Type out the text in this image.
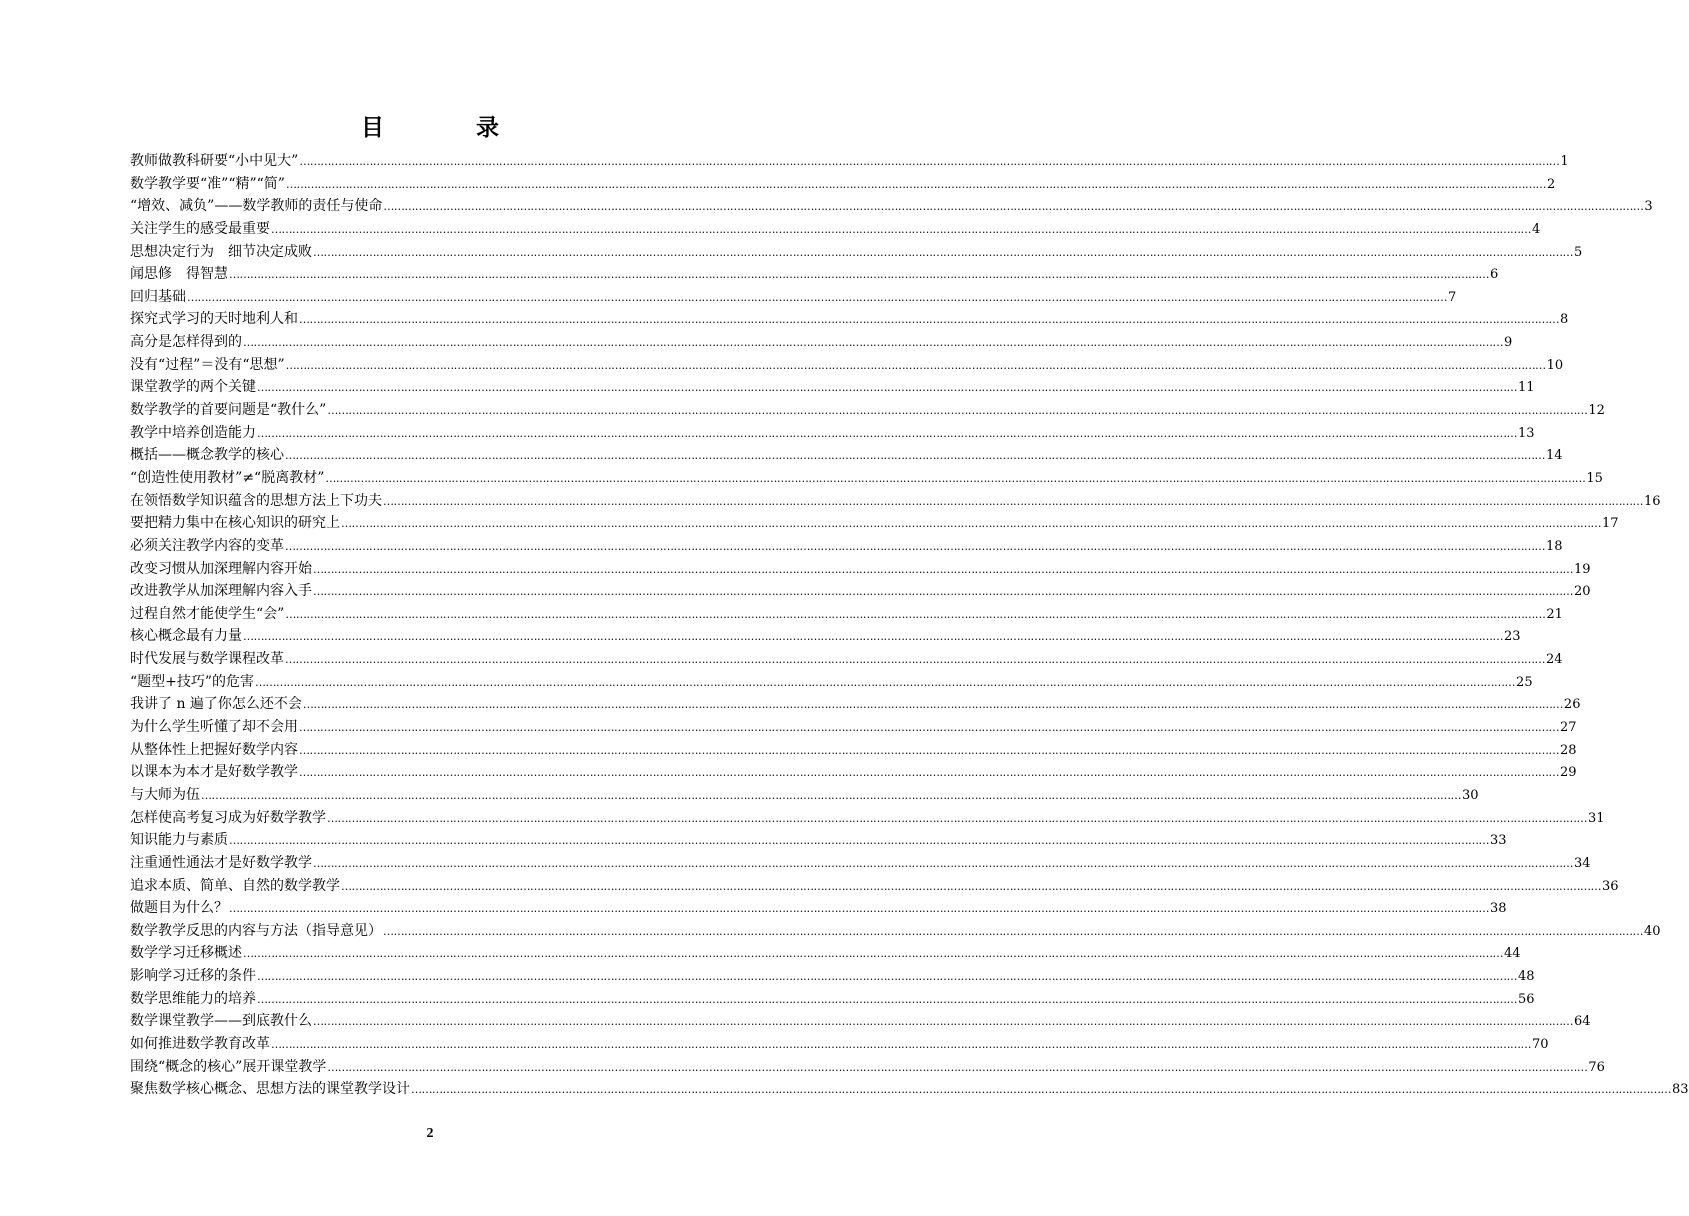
目	录
教师做教科研要“小中见大” ……………………………………………………………………………………………………………………………………………………………………………………………………………………………………………………………………………………………………………………………… 1
数学教学要“准”“精”“简” ……………………………………………………………………………………………………………………………………………………………………………………………………………………………………………………………………………………………………………………………… 2
“增效、减负”——数学教师的责任与使命 ……………………………………………………………………………………………………………………………………………………………………………………………………………………………………………………………………………………………………………………………… 3
关注学生的感受最重要 ……………………………………………………………………………………………………………………………………………………………………………………………………………………………………………………………………………………………………………………………… 4
思想决定行为　细节决定成败 ……………………………………………………………………………………………………………………………………………………………………………………………………………………………………………………………………………………………………………………………… 5
闻思修　得智慧 ……………………………………………………………………………………………………………………………………………………………………………………………………………………………………………………………………………………………………………………………… 6
回归基础 ……………………………………………………………………………………………………………………………………………………………………………………………………………………………………………………………………………………………………………………………… 7
探究式学习的天时地利人和 ……………………………………………………………………………………………………………………………………………………………………………………………………………………………………………………………………………………………………………………………… 8
高分是怎样得到的 ……………………………………………………………………………………………………………………………………………………………………………………………………………………………………………………………………………………………………………………………… 9
没有“过程”＝没有“思想” ……………………………………………………………………………………………………………………………………………………………………………………………………………………………………………………………………………………………………………………………… 10
课堂教学的两个关键 ……………………………………………………………………………………………………………………………………………………………………………………………………………………………………………………………………………………………………………………………… 11
数学教学的首要问题是“教什么” ……………………………………………………………………………………………………………………………………………………………………………………………………………………………………………………………………………………………………………………………… 12
教学中培养创造能力 ……………………………………………………………………………………………………………………………………………………………………………………………………………………………………………………………………………………………………………………………… 13
概括——概念教学的核心 ……………………………………………………………………………………………………………………………………………………………………………………………………………………………………………………………………………………………………………………………… 14
“创造性使用教材”≠“脱离教材” ……………………………………………………………………………………………………………………………………………………………………………………………………………………………………………………………………………………………………………………………… 15
在领悟数学知识蕴含的思想方法上下功夫 ……………………………………………………………………………………………………………………………………………………………………………………………………………………………………………………………………………………………………………………………… 16
要把精力集中在核心知识的研究上 ……………………………………………………………………………………………………………………………………………………………………………………………………………………………………………………………………………………………………………………………… 17
必须关注教学内容的变革 ……………………………………………………………………………………………………………………………………………………………………………………………………………………………………………………………………………………………………………………………… 18
改变习惯从加深理解内容开始 ……………………………………………………………………………………………………………………………………………………………………………………………………………………………………………………………………………………………………………………………… 19
改进教学从加深理解内容入手 ……………………………………………………………………………………………………………………………………………………………………………………………………………………………………………………………………………………………………………………………… 20
过程自然才能使学生“会” ……………………………………………………………………………………………………………………………………………………………………………………………………………………………………………………………………………………………………………………………… 21
核心概念最有力量 ……………………………………………………………………………………………………………………………………………………………………………………………………………………………………………………………………………………………………………………………… 23
时代发展与数学课程改革 ……………………………………………………………………………………………………………………………………………………………………………………………………………………………………………………………………………………………………………………………… 24
“题型+技巧”的危害 ……………………………………………………………………………………………………………………………………………………………………………………………………………………………………………………………………………………………………………………………… 25
我讲了 n 遍了你怎么还不会 ……………………………………………………………………………………………………………………………………………………………………………………………………………………………………………………………………………………………………………………………… 26
为什么学生听懂了却不会用 ……………………………………………………………………………………………………………………………………………………………………………………………………………………………………………………………………………………………………………………………… 27
从整体性上把握好数学内容 ……………………………………………………………………………………………………………………………………………………………………………………………………………………………………………………………………………………………………………………………… 28
以课本为本才是好数学教学 ……………………………………………………………………………………………………………………………………………………………………………………………………………………………………………………………………………………………………………………………… 29
与大师为伍 ……………………………………………………………………………………………………………………………………………………………………………………………………………………………………………………………………………………………………………………………… 30
怎样使高考复习成为好数学教学 ……………………………………………………………………………………………………………………………………………………………………………………………………………………………………………………………………………………………………………………………… 31
知识能力与素质 ……………………………………………………………………………………………………………………………………………………………………………………………………………………………………………………………………………………………………………………………… 33
注重通性通法才是好数学教学 ……………………………………………………………………………………………………………………………………………………………………………………………………………………………………………………………………………………………………………………………… 34
追求本质、简单、自然的数学教学 ……………………………………………………………………………………………………………………………………………………………………………………………………………………………………………………………………………………………………………………………… 36
做题目为什么？ ……………………………………………………………………………………………………………………………………………………………………………………………………………………………………………………………………………………………………………………………… 38
数学教学反思的内容与方法（指导意见） ……………………………………………………………………………………………………………………………………………………………………………………………………………………………………………………………………………………………………………………………… 40
数学学习迁移概述 ……………………………………………………………………………………………………………………………………………………………………………………………………………………………………………………………………………………………………………………………… 44
影响学习迁移的条件 ……………………………………………………………………………………………………………………………………………………………………………………………………………………………………………………………………………………………………………………………… 48
数学思维能力的培养 ……………………………………………………………………………………………………………………………………………………………………………………………………………………………………………………………………………………………………………………………… 56
数学课堂教学——到底教什么 ……………………………………………………………………………………………………………………………………………………………………………………………………………………………………………………………………………………………………………………………… 64
如何推进数学教育改革 ……………………………………………………………………………………………………………………………………………………………………………………………………………………………………………………………………………………………………………………………… 70
围绕“概念的核心”展开课堂教学 ……………………………………………………………………………………………………………………………………………………………………………………………………………………………………………………………………………………………………………………………… 76
聚焦数学核心概念、思想方法的课堂教学设计 ……………………………………………………………………………………………………………………………………………………………………………………………………………………………………………………………………………………………………………………………… 83
2
